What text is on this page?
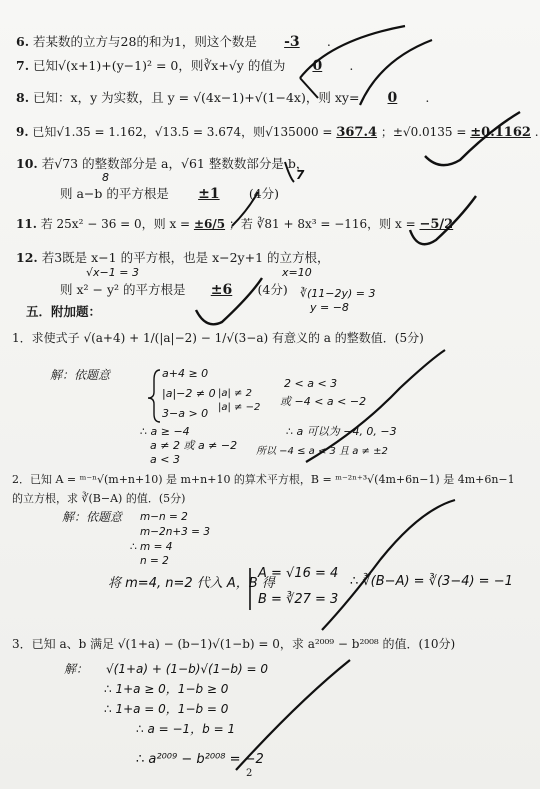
6. 若某数的立方与28的和为1，则这个数是 -3 .
7. 已知√(x+1)+(y−1)² = 0，则∛x+√y 的值为 0 .
8. 已知：x，y 为实数，且 y = √(4x−1)+√(1−4x)，则 xy= 0 .
9. 已知√1.35 = 1.162，√13.5 = 3.674，则√135000 = 367.4 ；±√0.0135 = ±0.1162 .
10. 若√73 的整数部分是 a，√61 整数数部分是 b，
8	7
则 a−b 的平方根是 ±1 (4分)
11. 若 25x² − 36 = 0，则 x = ±6/5 ；若 ∛81 + 8x³ = −116，则 x = −5/2
12. 若3既是 x−1 的平方根，也是 x−2y+1 的立方根，
√x−1 = 3	x=10
则 x² − y² 的平方根是 ±6 (4分) ∛(11−2y) = 3
y = −8
五．附加题：
1．求使式子 √(a+4) + 1/(|a|−2) − 1/√(3−a) 有意义的 a 的整数值．(5分)
解：依题意	a+4 ≥ 0
|a|−2 ≠ 0
3−a > 0
|a| ≠ 2
|a| ≠ −2
2 < a < 3
或 −4 < a < −2
∴ a ≥ −4
a ≠ 2 或 a ≠ −2
a < 3
∴ a 可以为 −4, 0, −3
所以 −4 ≤ a < 3 且 a ≠ ±2
2．已知 A = ᵐ⁻ⁿ√(m+n+10) 是 m+n+10 的算术平方根，B = ᵐ⁻²ⁿ⁺³√(4m+6n−1) 是 4m+6n−1 的立方根，求 ∛(B−A) 的值．(5分)
解：依题意 m−n = 2
m−2n+3 = 3
∴ m = 4
n = 2
将 m=4, n=2 代入 A，B 得
A = √16 = 4
B = ∛27 = 3
∴ ∛(B−A) = ∛(3−4) = −1
3．已知 a、b 满足 √(1+a) − (b−1)√(1−b) = 0，求 a²⁰⁰⁹ − b²⁰⁰⁸ 的值．(10分)
解： √(1+a) + (1−b)√(1−b) = 0
∴ 1+a ≥ 0，1−b ≥ 0
∴ 1+a = 0，1−b = 0
∴ a = −1，b = 1
∴ a²⁰⁰⁹ − b²⁰⁰⁸ = −2
2
